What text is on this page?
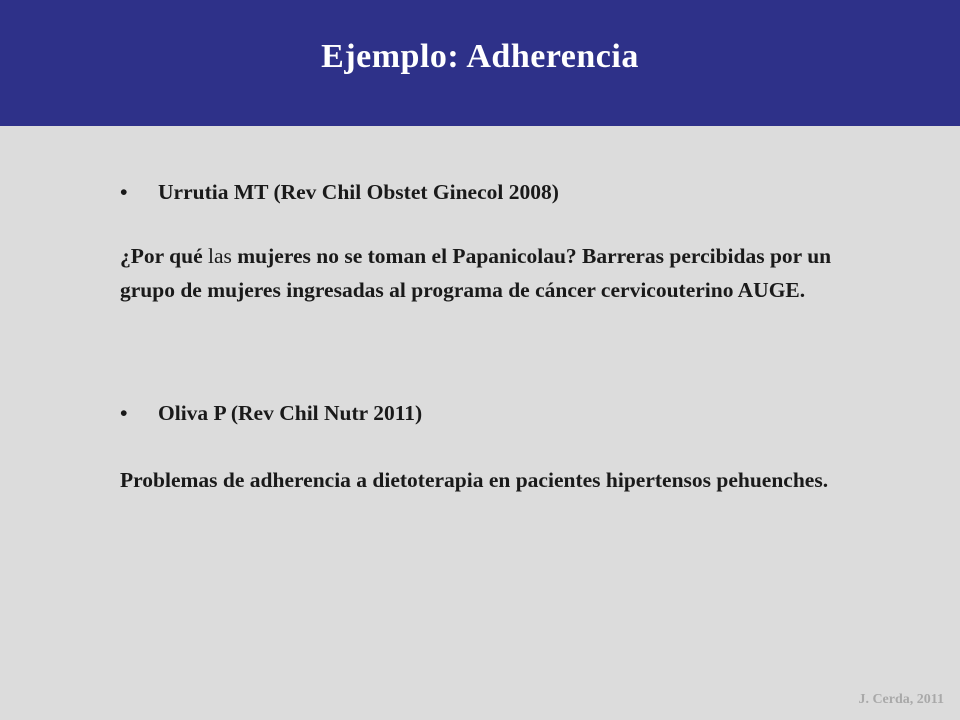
Ejemplo: Adherencia
• Urrutia MT (Rev Chil Obstet Ginecol 2008)
¿Por qué las mujeres no se toman el Papanicolau? Barreras percibidas por un grupo de mujeres ingresadas al programa de cáncer cervicouterino AUGE.
• Oliva P (Rev Chil Nutr 2011)
Problemas de adherencia a dietoterapia en pacientes hipertensos pehuenches.
J. Cerda, 2011
